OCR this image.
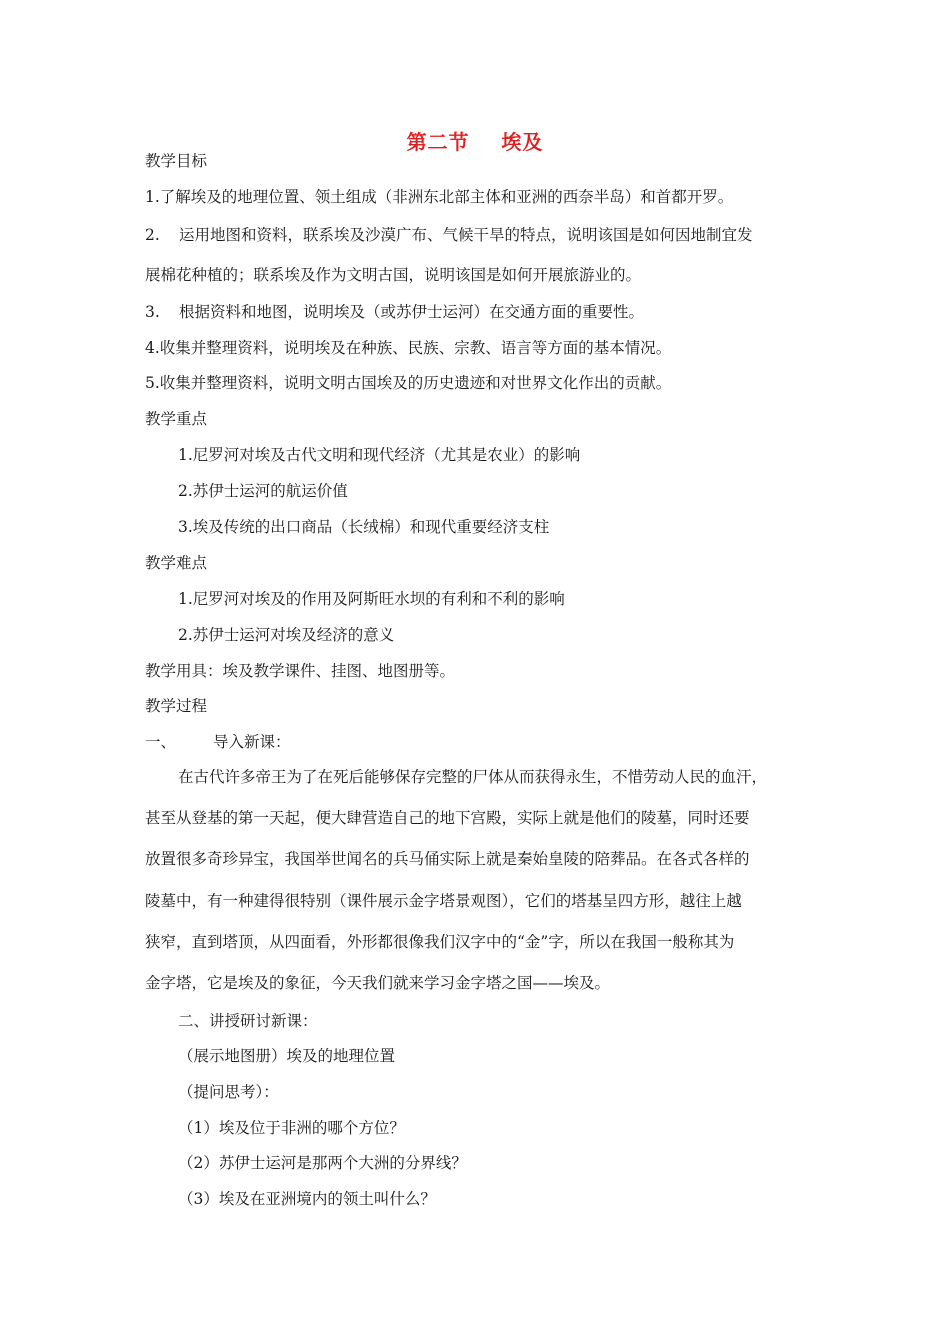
第二节    埃及
教学目标
1.了解埃及的地理位置、领土组成（非洲东北部主体和亚洲的西奈半岛）和首都开罗。
2. 运用地图和资料，联系埃及沙漠广布、气候干旱的特点，说明该国是如何因地制宜发
展棉花种植的；联系埃及作为文明古国，说明该国是如何开展旅游业的。
3. 根据资料和地图，说明埃及（或苏伊士运河）在交通方面的重要性。
4.收集并整理资料，说明埃及在种族、民族、宗教、语言等方面的基本情况。
5.收集并整理资料，说明文明古国埃及的历史遗迹和对世界文化作出的贡献。
教学重点
1.尼罗河对埃及古代文明和现代经济（尤其是农业）的影响
2.苏伊士运河的航运价值
3.埃及传统的出口商品（长绒棉）和现代重要经济支柱
教学难点
1.尼罗河对埃及的作用及阿斯旺水坝的有利和不利的影响
2.苏伊士运河对埃及经济的意义
教学用具：埃及教学课件、挂图、地图册等。
教学过程
一、 导入新课：
在古代许多帝王为了在死后能够保存完整的尸体从而获得永生，不惜劳动人民的血汗，
甚至从登基的第一天起，便大肆营造自己的地下宫殿，实际上就是他们的陵墓，同时还要
放置很多奇珍异宝，我国举世闻名的兵马俑实际上就是秦始皇陵的陪葬品。在各式各样的
陵墓中，有一种建得很特别（课件展示金字塔景观图），它们的塔基呈四方形，越往上越
狭窄，直到塔顶，从四面看，外形都很像我们汉字中的“金”字，所以在我国一般称其为
金字塔，它是埃及的象征，今天我们就来学习金字塔之国——埃及。
二、讲授研讨新课：
（展示地图册）埃及的地理位置
（提问思考）：
（1）埃及位于非洲的哪个方位？
（2）苏伊士运河是那两个大洲的分界线？
（3）埃及在亚洲境内的领土叫什么？
